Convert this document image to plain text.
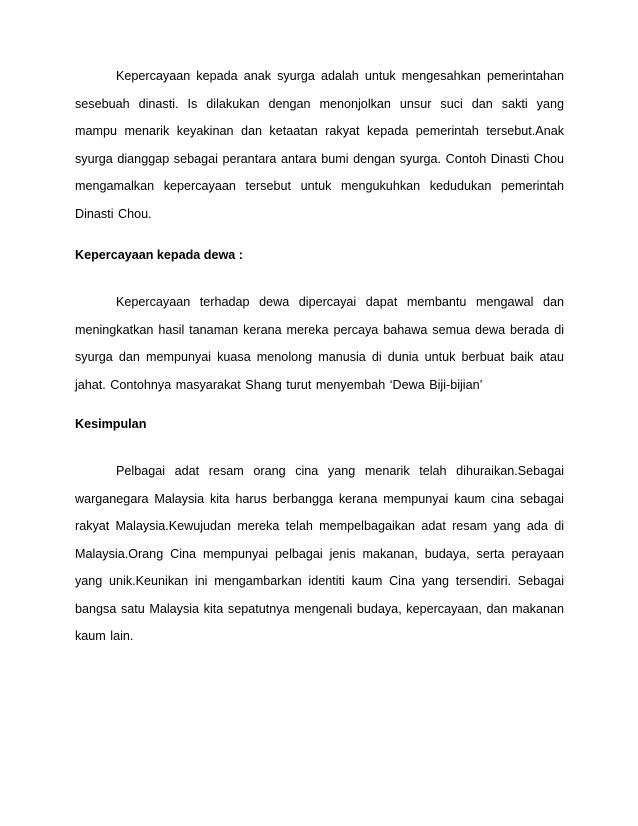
Kepercayaan kepada anak syurga adalah untuk mengesahkan pemerintahan sesebuah dinasti. Is dilakukan dengan menonjolkan unsur suci dan sakti yang mampu menarik keyakinan dan ketaatan rakyat kepada pemerintah tersebut.Anak syurga dianggap sebagai perantara antara bumi dengan syurga. Contoh Dinasti Chou mengamalkan kepercayaan tersebut untuk mengukuhkan kedudukan pemerintah Dinasti Chou.

Kepercayaan kepada dewa :

Kepercayaan terhadap dewa dipercayai dapat membantu mengawal dan meningkatkan hasil tanaman kerana mereka percaya bahawa semua dewa berada di syurga dan mempunyai kuasa menolong manusia di dunia untuk berbuat baik atau jahat. Contohnya masyarakat Shang turut menyembah ‘Dewa Biji-bijian’

Kesimpulan

Pelbagai adat resam orang cina yang menarik telah dihuraikan.Sebagai warganegara Malaysia kita harus berbangga kerana mempunyai kaum cina sebagai rakyat Malaysia.Kewujudan mereka telah mempelbagaikan adat resam yang ada di Malaysia.Orang Cina mempunyai pelbagai jenis makanan, budaya, serta perayaan yang unik.Keunikan ini mengambarkan identiti kaum Cina yang tersendiri. Sebagai bangsa satu Malaysia kita sepatutnya mengenali budaya, kepercayaan, dan makanan kaum lain.
